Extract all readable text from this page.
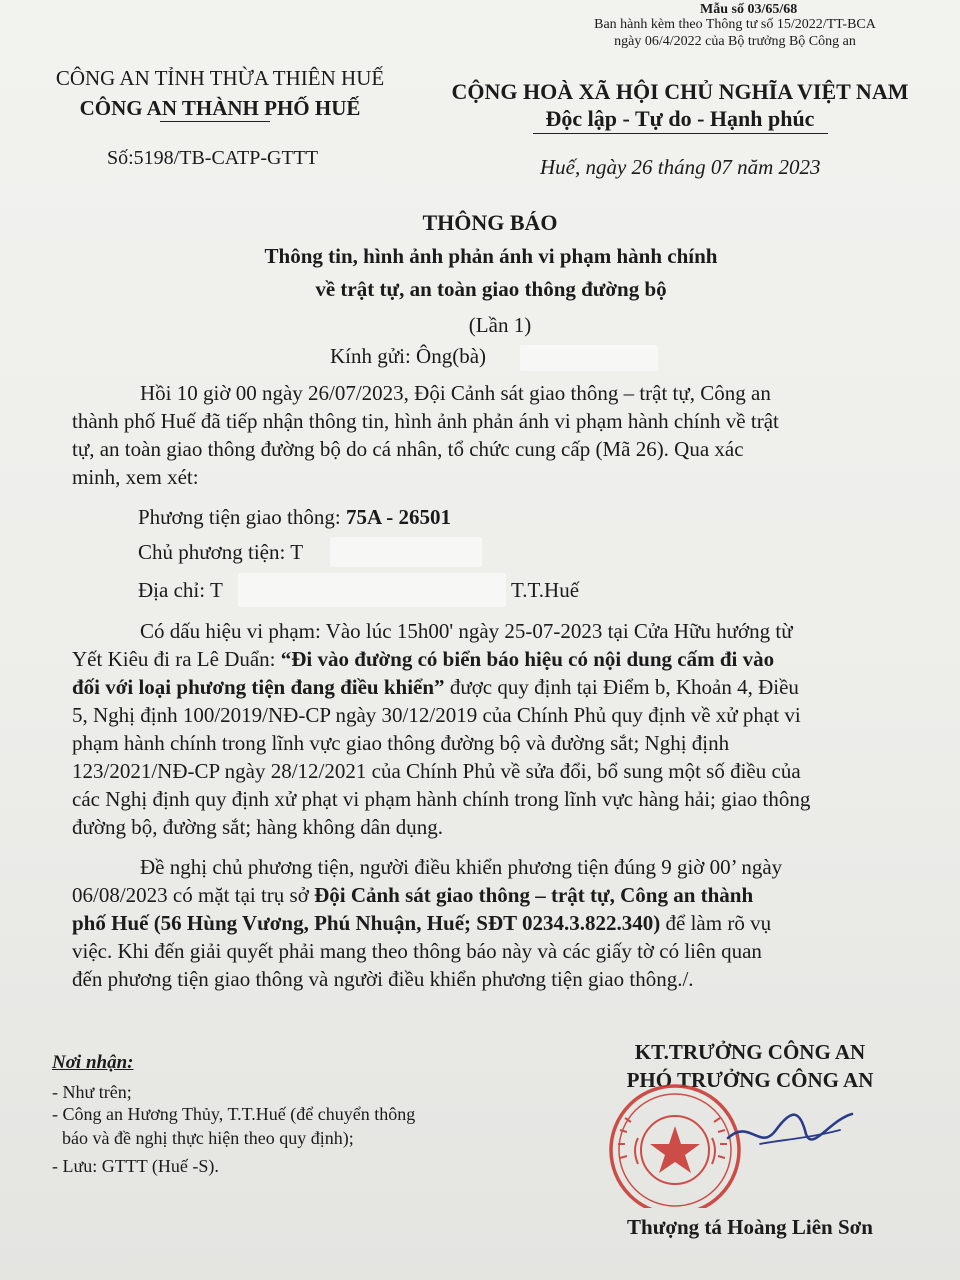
Mẫu số 03/65/68
Ban hành kèm theo Thông tư số 15/2022/TT-BCA
ngày 06/4/2022 của Bộ trưởng Bộ Công an
CÔNG AN TỈNH THỪA THIÊN HUẾ
CÔNG AN THÀNH PHỐ HUẾ
CỘNG HOÀ XÃ HỘI CHỦ NGHĨA VIỆT NAM
Độc lập - Tự do - Hạnh phúc
Số:5198/TB-CATP-GTTT	Huế, ngày 26 tháng 07 năm 2023
THÔNG BÁO
Thông tin, hình ảnh phản ánh vi phạm hành chính
về trật tự, an toàn giao thông đường bộ
(Lần 1)
Kính gửi: Ông(bà)
Hồi 10 giờ 00 ngày 26/07/2023, Đội Cảnh sát giao thông – trật tự, Công an
thành phố Huế đã tiếp nhận thông tin, hình ảnh phản ánh vi phạm hành chính về trật
tự, an toàn giao thông đường bộ do cá nhân, tổ chức cung cấp (Mã 26). Qua xác
minh, xem xét:
Phương tiện giao thông: 75A - 26501
Chủ phương tiện: T
Địa chỉ: T	T.T.Huế
Có dấu hiệu vi phạm: Vào lúc 15h00' ngày 25-07-2023 tại Cửa Hữu hướng từ
Yết Kiêu đi ra Lê Duẩn: “Đi vào đường có biển báo hiệu có nội dung cấm đi vào
đối với loại phương tiện đang điều khiển” được quy định tại Điểm b, Khoản 4, Điều
5, Nghị định 100/2019/NĐ-CP ngày 30/12/2019 của Chính Phủ quy định về xử phạt vi
phạm hành chính trong lĩnh vực giao thông đường bộ và đường sắt; Nghị định
123/2021/NĐ-CP ngày 28/12/2021 của Chính Phủ về sửa đổi, bổ sung một số điều của
các Nghị định quy định xử phạt vi phạm hành chính trong lĩnh vực hàng hải; giao thông
đường bộ, đường sắt; hàng không dân dụng.
Đề nghị chủ phương tiện, người điều khiển phương tiện đúng 9 giờ 00’ ngày
06/08/2023 có mặt tại trụ sở Đội Cảnh sát giao thông – trật tự, Công an thành
phố Huế (56 Hùng Vương, Phú Nhuận, Huế; SĐT 0234.3.822.340) để làm rõ vụ
việc. Khi đến giải quyết phải mang theo thông báo này và các giấy tờ có liên quan
đến phương tiện giao thông và người điều khiển phương tiện giao thông./.
Nơi nhận:
- Như trên;
- Công an Hương Thủy, T.T.Huế (để chuyển thông
báo và đề nghị thực hiện theo quy định);
- Lưu: GTTT (Huế -S).
KT.TRƯỞNG CÔNG AN
PHÓ TRƯỞNG CÔNG AN
Thượng tá Hoàng Liên Sơn
